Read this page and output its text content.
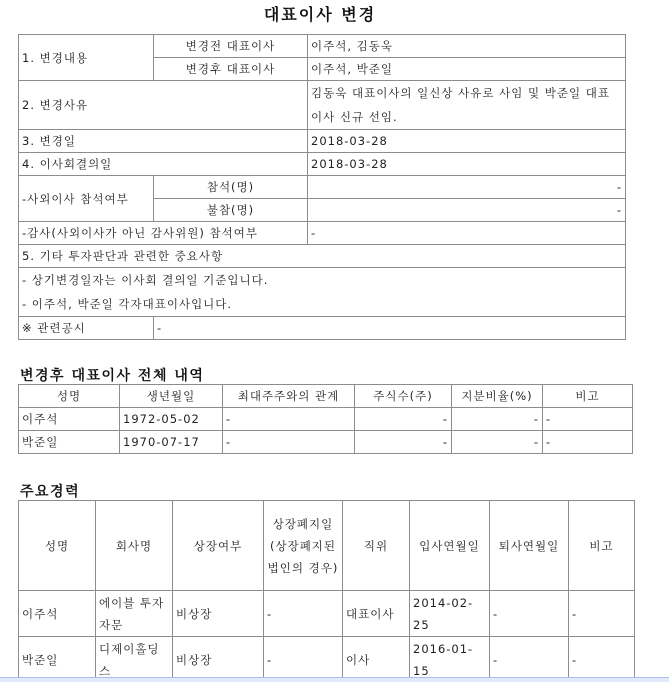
대표이사 변경
1. 변경내용	변경전 대표이사	이주석, 김동욱
	변경후 대표이사	이주석, 박준일
2. 변경사유		김동욱 대표이사의 일신상 사유로 사임 및 박준일 대표이사 신규 선임.
3. 변경일		2018-03-28
4. 이사회결의일		2018-03-28
-사외이사 참석여부	참석(명)	-
	불참(명)	-
-감사(사외이사가 아닌 감사위원) 참석여부		-
5. 기타 투자판단과 관련한 중요사항		

- 상기변경일자는 이사회 결의일 기준입니다.
- 이주석, 박준일 각자대표이사입니다.		

※ 관련공시	-	
변경후 대표이사 전체 내역
성명	생년월일	최대주주와의 관계	주식수(주)	지분비율(%)	비고
이주석	1972-05-02	-	-	-	-
박준일	1970-07-17	-	-	-	-
주요경력
성명	회사명	상장여부	상장폐지일(상장폐지된 법인의 경우)	직위	입사연월일	퇴사연월일	비고
이주석	에이블 투자자문	비상장	-	대표이사	2014-02-25	-	-
박준일	디제이홀딩스	비상장	-	이사	2016-01-15	-	-
